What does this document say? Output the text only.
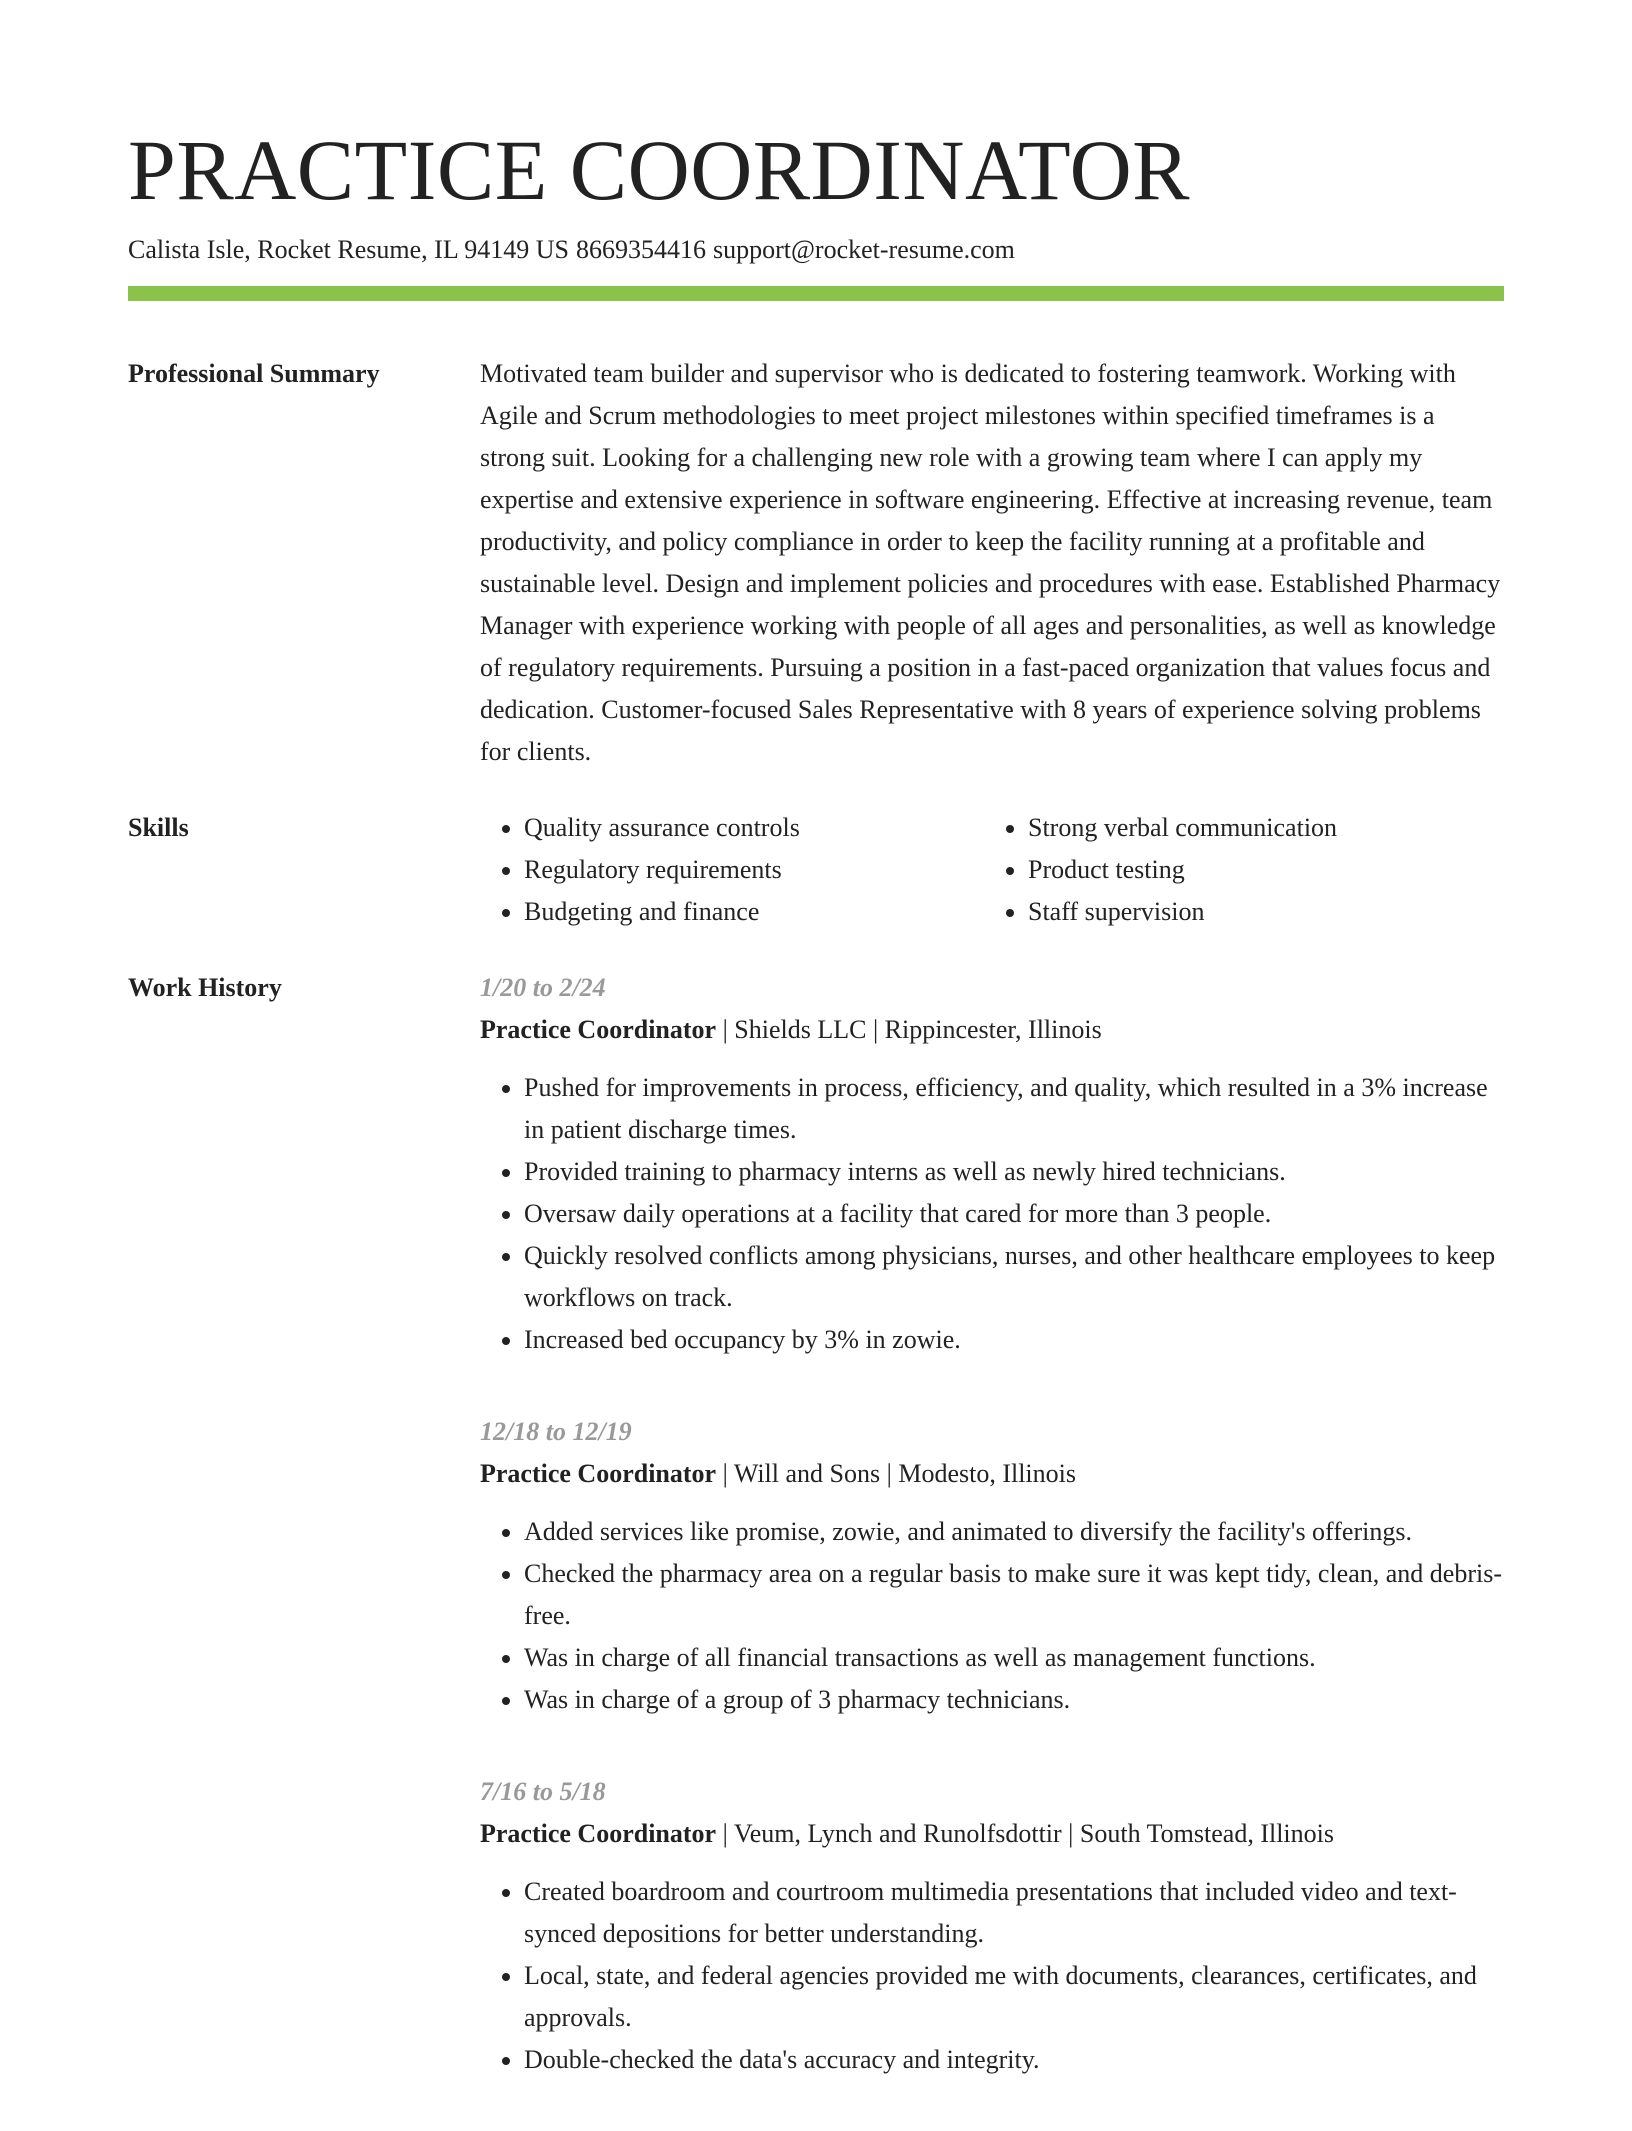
PRACTICE COORDINATOR
Calista Isle, Rocket Resume, IL 94149 US 8669354416 support@rocket-resume.com
Professional Summary	Motivated team builder and supervisor who is dedicated to fostering teamwork. Working with Agile and Scrum methodologies to meet project milestones within specified timeframes is a strong suit. Looking for a challenging new role with a growing team where I can apply my expertise and extensive experience in software engineering. Effective at increasing revenue, team productivity, and policy compliance in order to keep the facility running at a profitable and sustainable level. Design and implement policies and procedures with ease. Established Pharmacy Manager with experience working with people of all ages and personalities, as well as knowledge of regulatory requirements. Pursuing a position in a fast-paced organization that values focus and dedication. Customer-focused Sales Representative with 8 years of experience solving problems for clients.

Skills
•	Quality assurance controls
• Regulatory requirements
• Budgeting and finance
• Strong verbal communication
• Product testing
• Staff supervision
Work History	1/20 to 2/24
Practice Coordinator | Shields LLC | Rippincester, Illinois
• Pushed for improvements in process, efficiency, and quality, which resulted in a 3% increase in patient discharge times.
• Provided training to pharmacy interns as well as newly hired technicians.
• Oversaw daily operations at a facility that cared for more than 3 people.
• Quickly resolved conflicts among physicians, nurses, and other healthcare employees to keep workflows on track.
• Increased bed occupancy by 3% in zowie.
12/18 to 12/19
Practice Coordinator | Will and Sons | Modesto, Illinois
• Added services like promise, zowie, and animated to diversify the facility's offerings.
• Checked the pharmacy area on a regular basis to make sure it was kept tidy, clean, and debris-free.
• Was in charge of all financial transactions as well as management functions.
• Was in charge of a group of 3 pharmacy technicians.
7/16 to 5/18
Practice Coordinator | Veum, Lynch and Runolfsdottir | South Tomstead, Illinois
• Created boardroom and courtroom multimedia presentations that included video and text-synced depositions for better understanding.
• Local, state, and federal agencies provided me with documents, clearances, certificates, and approvals.
• Double-checked the data's accuracy and integrity.
